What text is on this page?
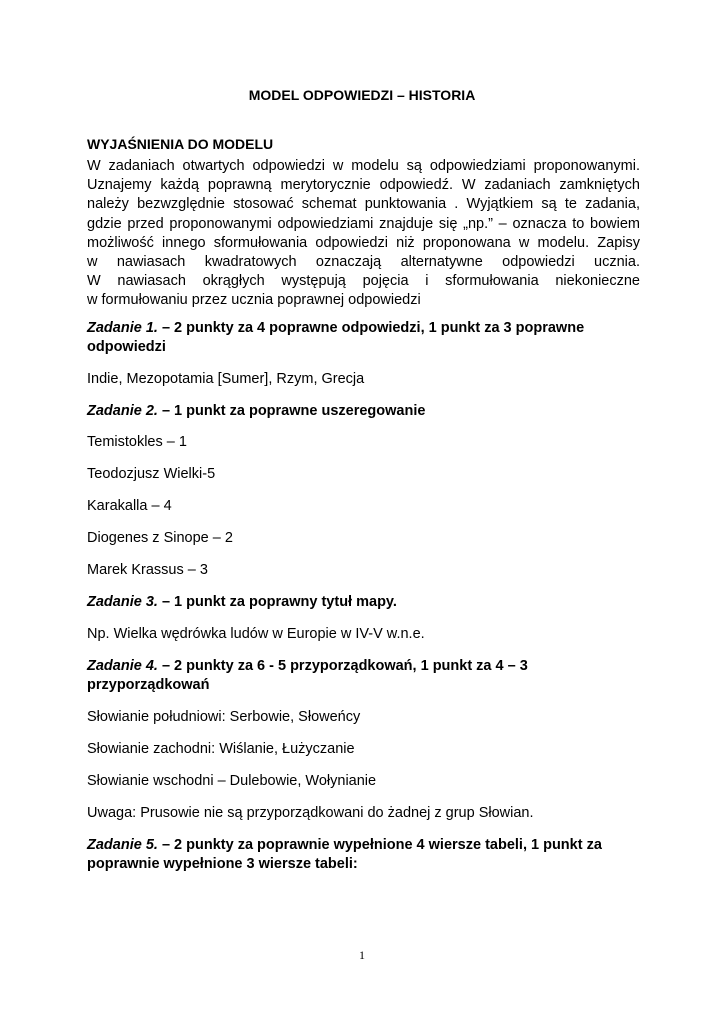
MODEL ODPOWIEDZI – HISTORIA
WYJAŚNIENIA DO MODELU
W zadaniach otwartych odpowiedzi w modelu są odpowiedziami proponowanymi.
Uznajemy każdą poprawną merytorycznie odpowiedź. W zadaniach zamkniętych
należy bezwzględnie stosować schemat punktowania . Wyjątkiem są te zadania,
gdzie przed proponowanymi odpowiedziami znajduje się „np.” – oznacza to bowiem
możliwość innego sformułowania odpowiedzi niż proponowana w modelu. Zapisy
w nawiasach kwadratowych oznaczają alternatywne odpowiedzi ucznia.
W nawiasach okrągłych występują pojęcia i sformułowania niekonieczne
w formułowaniu przez ucznia poprawnej odpowiedzi
Zadanie 1. – 2 punkty za 4 poprawne odpowiedzi, 1 punkt za 3 poprawne odpowiedzi
Indie, Mezopotamia [Sumer], Rzym, Grecja
Zadanie 2. – 1 punkt za poprawne uszeregowanie
Temistokles – 1
Teodozjusz Wielki-5
Karakalla – 4
Diogenes z Sinope – 2
Marek Krassus – 3
Zadanie 3. – 1 punkt za poprawny tytuł mapy.
Np. Wielka wędrówka ludów w Europie w IV-V w.n.e.
Zadanie 4. – 2 punkty za 6 - 5 przyporządkowań, 1 punkt za 4 – 3 przyporządkowań
Słowianie południowi: Serbowie, Słoweńcy
Słowianie zachodni: Wiślanie, Łużyczanie
Słowianie wschodni – Dulebowie, Wołynianie
Uwaga: Prusowie nie są przyporządkowani do żadnej z grup Słowian.
Zadanie 5. – 2 punkty za poprawnie wypełnione 4 wiersze tabeli, 1 punkt za poprawnie wypełnione 3 wiersze tabeli:
1
